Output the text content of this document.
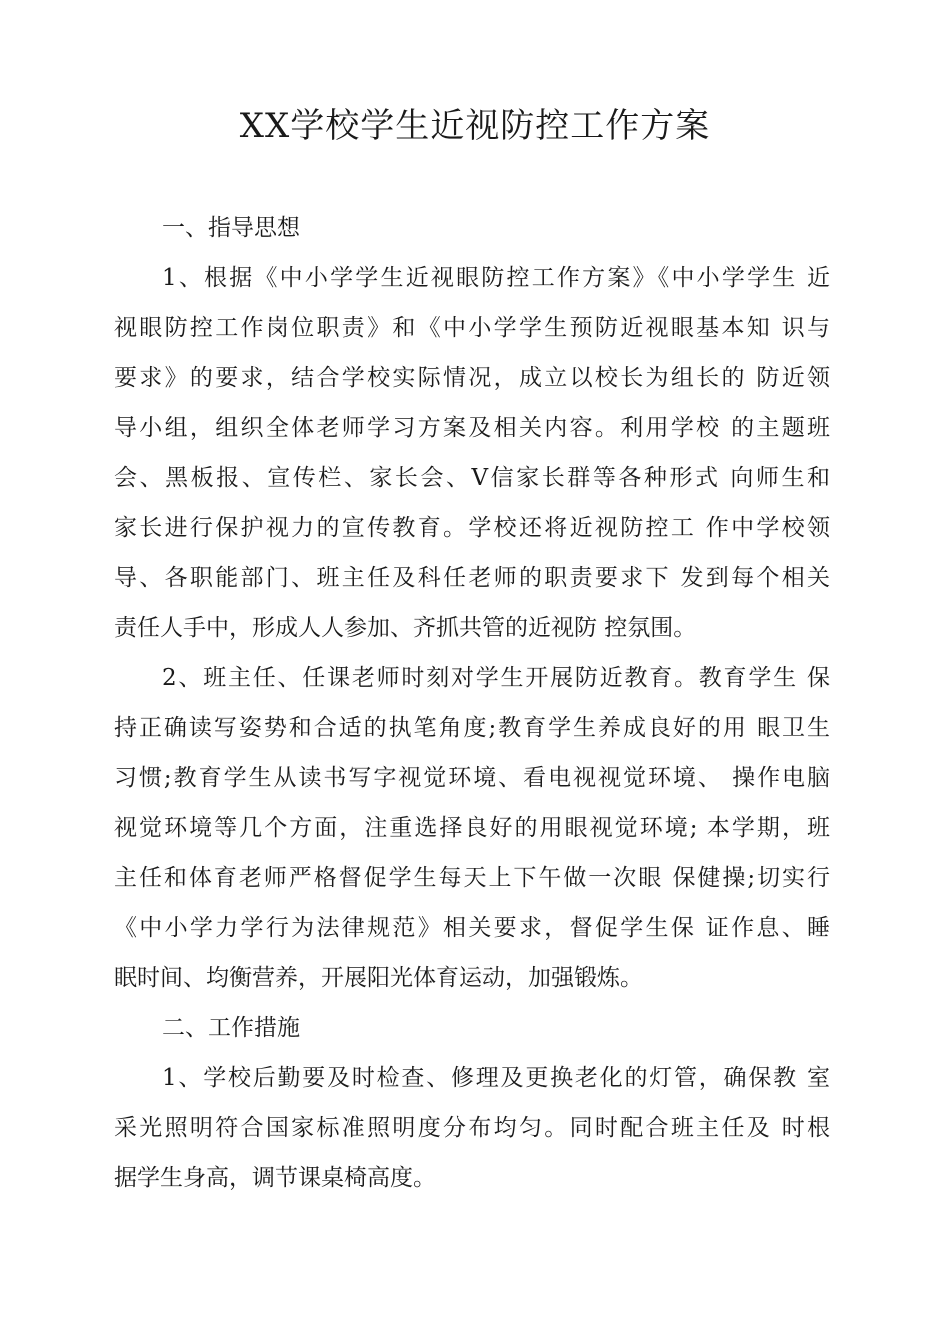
XX学校学生近视防控工作方案
一、指导思想

1、根据《中小学学生近视眼防控工作方案》《中小学学生 近
视眼防控工作岗位职责》和《中小学学生预防近视眼基本知 识与
要求》的要求，结合学校实际情况，成立以校长为组长的 防近领
导小组，组织全体老师学习方案及相关内容。利用学校 的主题班
会、黑板报、宣传栏、家长会、V信家长群等各种形式 向师生和
家长进行保护视力的宣传教育。学校还将近视防控工 作中学校领
导、各职能部门、班主任及科任老师的职责要求下 发到每个相关
责任人手中，形成人人参加、齐抓共管的近视防 控氛围。

2、班主任、任课老师时刻对学生开展防近教育。教育学生 保
持正确读写姿势和合适的执笔角度;教育学生养成良好的用 眼卫生
习惯;教育学生从读书写字视觉环境、看电视视觉环境、 操作电脑
视觉环境等几个方面，注重选择良好的用眼视觉环境; 本学期，班
主任和体育老师严格督促学生每天上下午做一次眼 保健操;切实行
《中小学力学行为法律规范》相关要求，督促学生保 证作息、睡
眠时间、均衡营养，开展阳光体育运动，加强锻炼。

二、工作措施

1、学校后勤要及时检查、修理及更换老化的灯管，确保教 室
采光照明符合国家标准照明度分布均匀。同时配合班主任及 时根
据学生身高，调节课桌椅高度。
